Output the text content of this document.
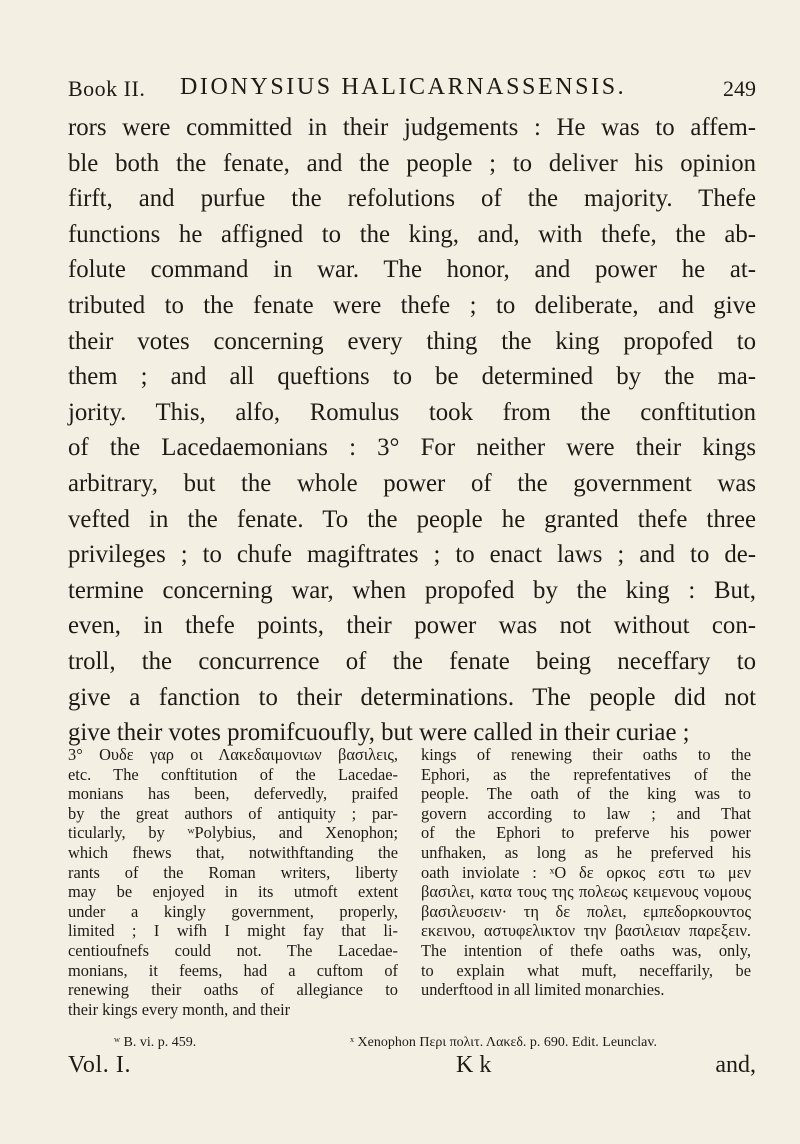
Book II. DIONYSIUS HALICARNASSENSIS.	249
rors were committed in their judgements : He was to affem-
ble both the fenate, and the people ; to deliver his opinion
firft, and purfue the refolutions of the majority. Thefe
functions he affigned to the king, and, with thefe, the ab-
folute command in war. The honor, and power he at-
tributed to the fenate were thefe ; to deliberate, and give
their votes concerning every thing the king propofed to
them ; and all queftions to be determined by the ma-
jority. This, alfo, Romulus took from the conftitution
of the Lacedaemonians : 3° For neither were their kings
arbitrary, but the whole power of the government was
vefted in the fenate. To the people he granted thefe three
privileges ; to chufe magiftrates ; to enact laws ; and to de-
termine concerning war, when propofed by the king : But,
even, in thefe points, their power was not without con-
troll, the concurrence of the fenate being neceffary to
give a fanction to their determinations. The people did not
give their votes promifcuoufly, but were called in their curiae ;
3° Ουδε γαρ οι Λακεδαιμονιων βασιλεις,
etc. The conftitution of the Lacedae-
monians has been, defervedly, praifed
by the great authors of antiquity ; par-
ticularly, by ʷPolybius, and Xenophon;
which fhews that, notwithftanding the
rants of the Roman writers, liberty
may be enjoyed in its utmoft extent
under a kingly government, properly,
limited ; I wifh I might fay that li-
centioufnefs could not. The Lacedae-
monians, it feems, had a cuftom of
renewing their oaths of allegiance to
their kings every month, and their
kings of renewing their oaths to the
Ephori, as the reprefentatives of the
people. The oath of the king was to
govern according to law ; and That
of the Ephori to preferve his power
unfhaken, as long as he preferved his
oath inviolate : ˣΟ δε ορκος εστι τω μεν
βασιλει, κατα τους της πολεως κειμενους νομους
βασιλευσειν· τη δε πολει, εμπεδορκουντος
εκεινου, αστυφελικτον την βασιλειαν παρεξειν.
The intention of thefe oaths was, only,
to explain what muft, neceffarily, be
underftood in all limited monarchies.
ʷ B. vi. p. 459.	ˣ Xenophon Περι πολιτ. Λακεδ. p. 690. Edit. Leunclav.
Vol. I.	K k	and,
